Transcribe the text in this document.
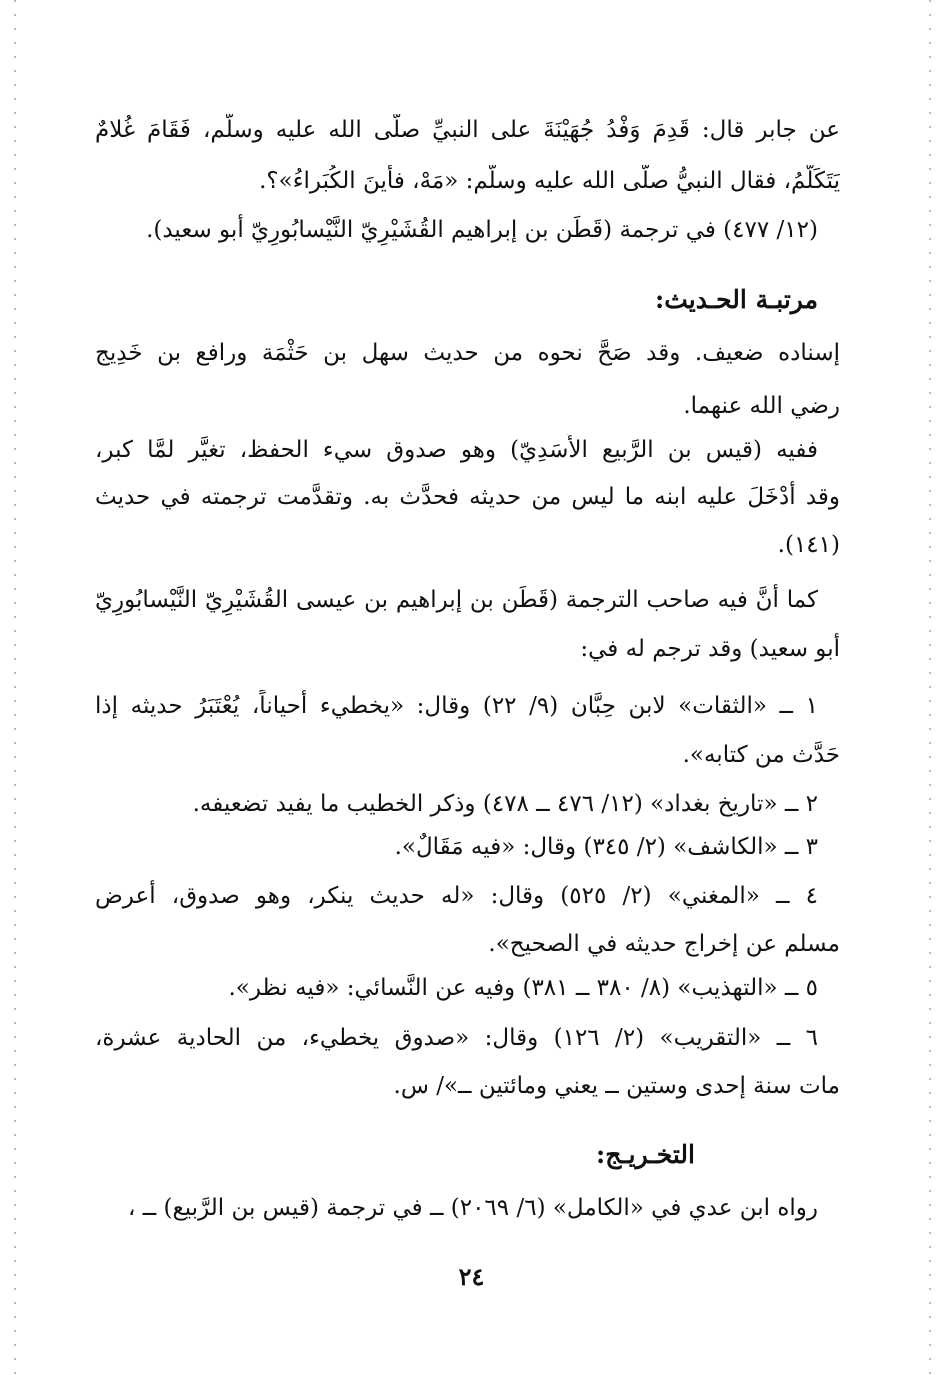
عن جابر قال: قَدِمَ وَفْدُ جُهَيْنَةَ على النبيِّ صلَّى الله عليه وسلَّم، فَقَامَ غُلامٌ
يَتَكَلَّمُ، فقال النبيُّ صلَّى الله عليه وسلَّم: «مَهْ، فأينَ الكُبَراءُ»؟.
(١٢/ ٤٧٧) في ترجمة (قَطَن بن إبراهيم القُشَيْرِيّ النَّيْسابُورِيّ أبو سعيد).
مرتبـة الحـديث:
إسناده ضعيف. وقد صَحَّ نحوه من حديث سهل بن حَثْمَة ورافع بن خَدِيج
رضي الله عنهما.
ففيه (قيس بن الرَّبيع الأَسَدِيّ) وهو صدوق سيء الحفظ، تغيَّر لمَّا كبر،
وقد أَدْخَلَ عليه ابنه ما ليس من حديثه فحدَّث به. وتقدَّمت ترجمته في حديث
(١٤١).
كما أنَّ فيه صاحب الترجمة (قَطَن بن إبراهيم بن عيسى القُشَيْرِيّ النَّيْسابُورِيّ
أبو سعيد) وقد ترجم له في:
١ ــ «الثقات» لابن حِبَّان (٩/ ٢٢) وقال: «يخطيء أحياناً، يُعْتَبَرُ حديثه إذا
حَدَّث من كتابه».
٢ ــ «تاريخ بغداد» (١٢/ ٤٧٦ ــ ٤٧٨) وذكر الخطيب ما يفيد تضعيفه.
٣ ــ «الكاشف» (٢/ ٣٤٥) وقال: «فيه مَقَالٌ».
٤ ــ «المغني» (٢/ ٥٢٥) وقال: «له حديث ينكر، وهو صدوق، أعرض
مسلم عن إخراج حديثه في الصحيح».
٥ ــ «التهذيب» (٨/ ٣٨٠ ــ ٣٨١) وفيه عن النَّسائي: «فيه نظر».
٦ ــ «التقريب» (٢/ ١٢٦) وقال: «صدوق يخطيء، من الحادية عشرة،
مات سنة إحدى وستين ــ يعني ومائتين ــ»/ س.
التخـريـج:
رواه ابن عدي في «الكامل» (٦/ ٢٠٦٩) ــ في ترجمة (قيس بن الرَّبيع) ــ ،
٢٤
